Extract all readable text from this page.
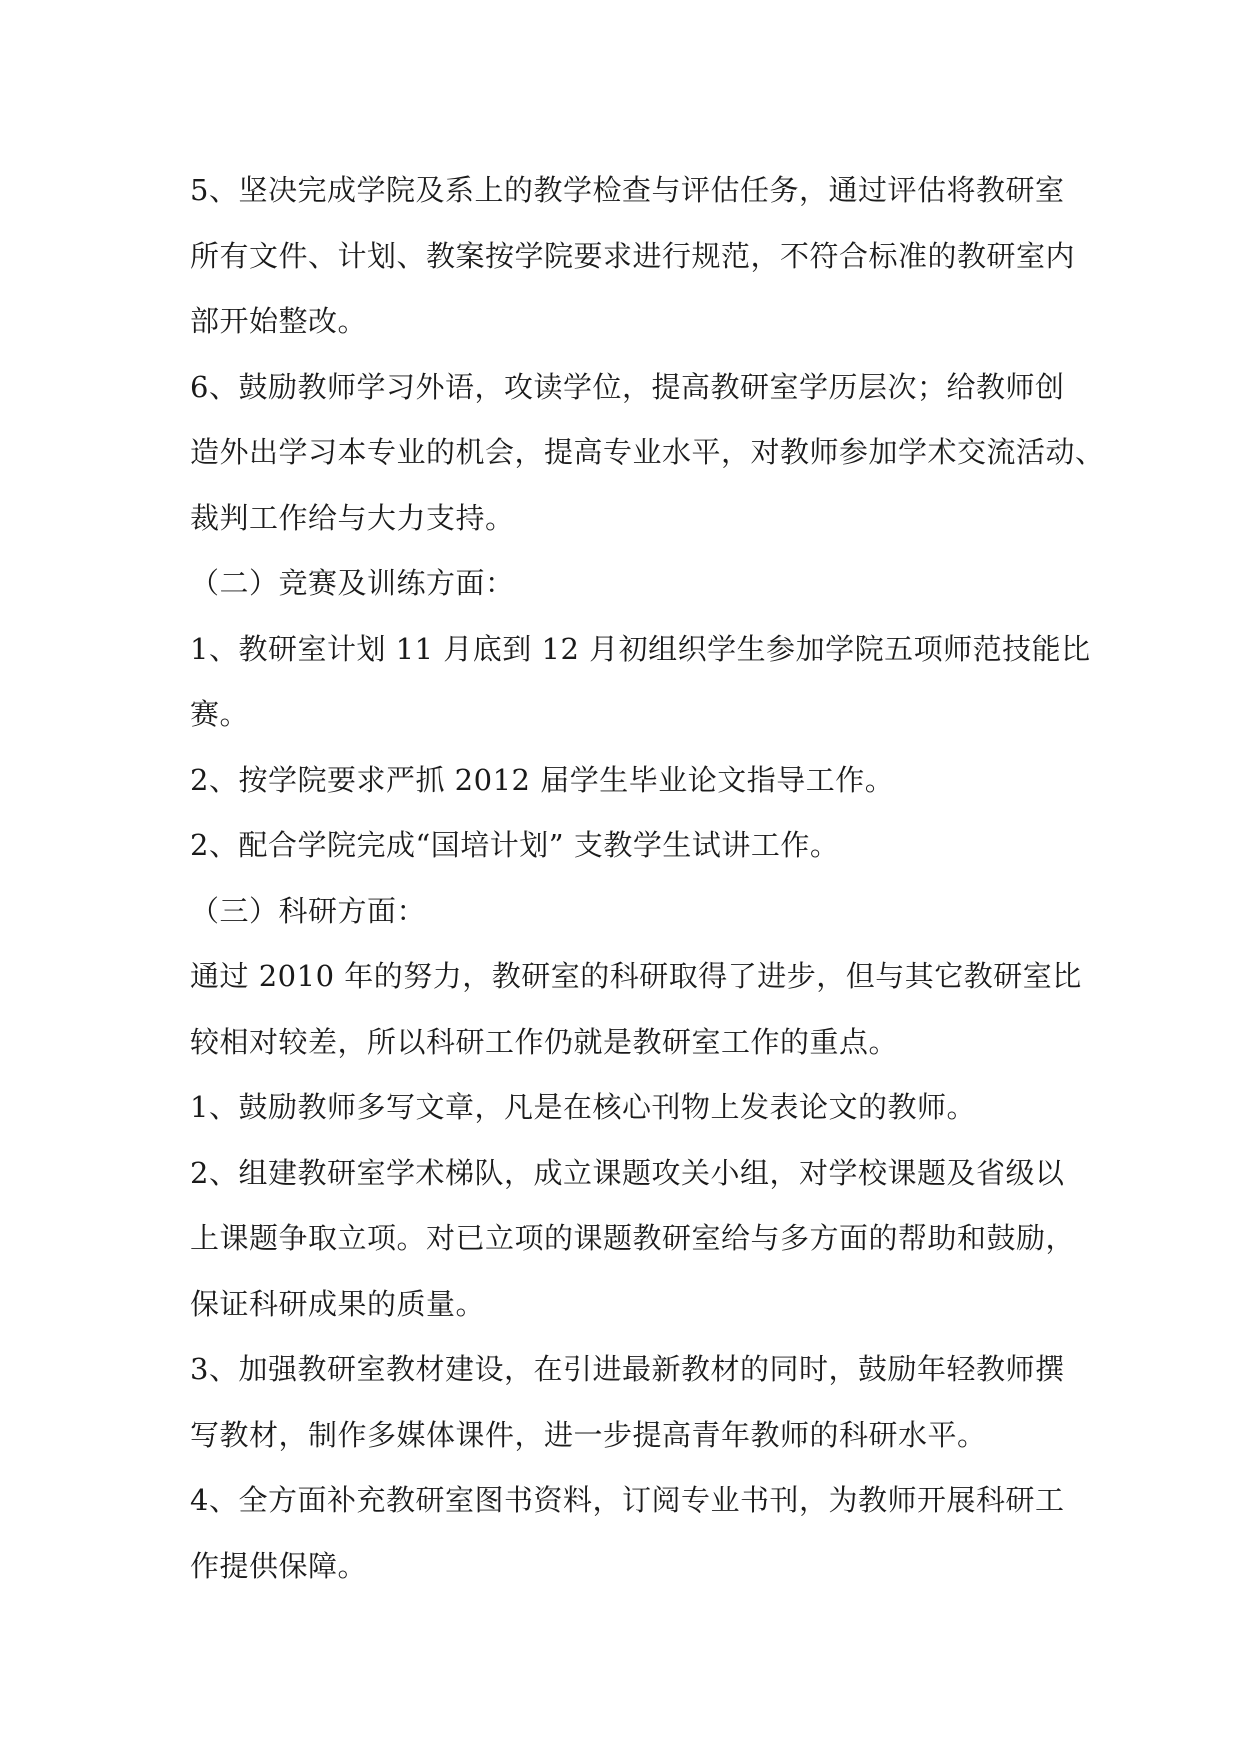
5、坚决完成学院及系上的教学检查与评估任务，通过评估将教研室
所有文件、计划、教案按学院要求进行规范，不符合标准的教研室内
部开始整改。
6、鼓励教师学习外语，攻读学位，提高教研室学历层次；给教师创
造外出学习本专业的机会，提高专业水平，对教师参加学术交流活动、
裁判工作给与大力支持。
（二）竞赛及训练方面：
1、教研室计划 11 月底到 12 月初组织学生参加学院五项师范技能比
赛。
2、按学院要求严抓 2012 届学生毕业论文指导工作。
2、配合学院完成“国培计划” 支教学生试讲工作。
（三）科研方面：
通过 2010 年的努力，教研室的科研取得了进步，但与其它教研室比
较相对较差，所以科研工作仍就是教研室工作的重点。
1、鼓励教师多写文章，凡是在核心刊物上发表论文的教师。
2、组建教研室学术梯队，成立课题攻关小组，对学校课题及省级以
上课题争取立项。对已立项的课题教研室给与多方面的帮助和鼓励，
保证科研成果的质量。
3、加强教研室教材建设，在引进最新教材的同时，鼓励年轻教师撰
写教材，制作多媒体课件，进一步提高青年教师的科研水平。
4、全方面补充教研室图书资料，订阅专业书刊，为教师开展科研工
作提供保障。
